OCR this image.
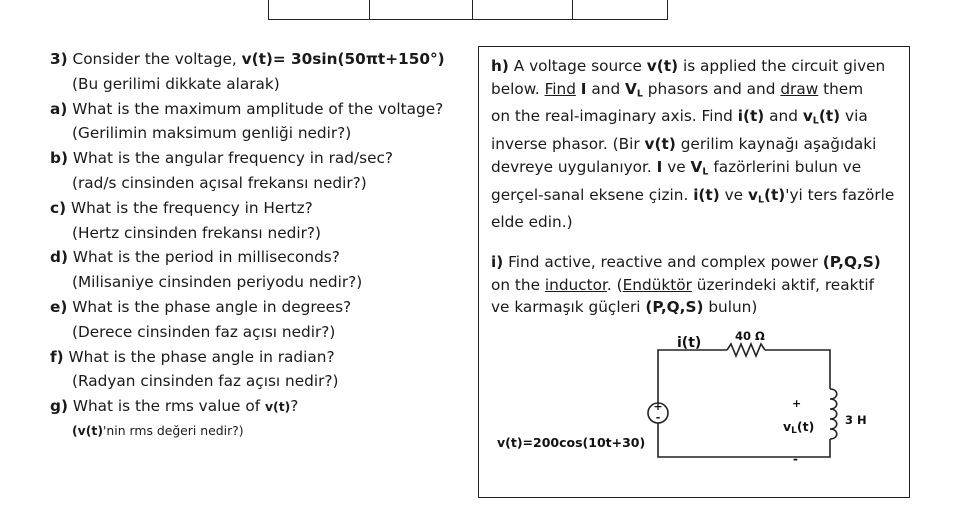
3) Consider the voltage, v(t)= 30sin(50πt+150°)
(Bu gerilimi dikkate alarak)
a) What is the maximum amplitude of the voltage?
(Gerilimin maksimum genliği nedir?)
b) What is the angular frequency in rad/sec?
(rad/s cinsinden açısal frekansı nedir?)
c) What is the frequency in Hertz?
(Hertz cinsinden frekansı nedir?)
d) What is the period in milliseconds?
(Milisaniye cinsinden periyodu nedir?)
e) What is the phase angle in degrees?
(Derece cinsinden faz açısı nedir?)
f) What is the phase angle in radian?
(Radyan cinsinden faz açısı nedir?)
g) What is the rms value of v(t)?
(v(t)'nin rms değeri nedir?)
h) A voltage source v(t) is applied the circuit given
below. Find I and $V_L$ phasors and and draw them
on the real-imaginary axis. Find i(t) and $v_L(t)$ via
inverse phasor. (Bir v(t) gerilim kaynağı aşağıdaki
devreye uygulanıyor. I ve $V_L$ fazörlerini bulun ve
gerçel-sanal eksene çizin. i(t) ve $v_L(t)'yi$ ters fazörle
elde edin.)
i) Find active, reactive and complex power (P,Q,S)
on the inductor. (Endüktör üzerindeki aktif, reaktif
ve karmaşık güçleri (P,Q,S) bulun)
+
-
i(t)	40 Ω
+
vL(t)
-
3 H
v(t)=200cos(10t+30)
